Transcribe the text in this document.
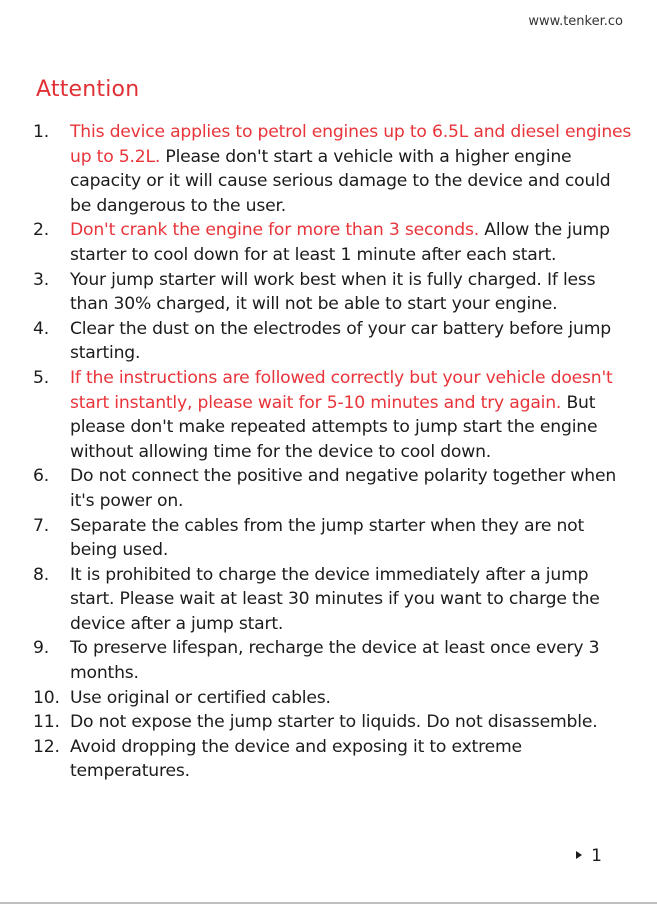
www.tenker.co
Attention
1. This device applies to petrol engines up to 6.5L and diesel engines up to 5.2L. Please don't start a vehicle with a higher engine capacity or it will cause serious damage to the device and could be dangerous to the user.
2. Don't crank the engine for more than 3 seconds. Allow the jump starter to cool down for at least 1 minute after each start.
3. Your jump starter will work best when it is fully charged. If less than 30% charged, it will not be able to start your engine.
4. Clear the dust on the electrodes of your car battery before jump starting.
5. If the instructions are followed correctly but your vehicle doesn't start instantly, please wait for 5-10 minutes and try again. But please don't make repeated attempts to jump start the engine without allowing time for the device to cool down.
6. Do not connect the positive and negative polarity together when it's power on.
7. Separate the cables from the jump starter when they are not being used.
8. It is prohibited to charge the device immediately after a jump start. Please wait at least 30 minutes if you want to charge the device after a jump start.
9. To preserve lifespan, recharge the device at least once every 3 months.
10. Use original or certified cables.
11. Do not expose the jump starter to liquids. Do not disassemble.
12. Avoid dropping the device and exposing it to extreme temperatures.
1
